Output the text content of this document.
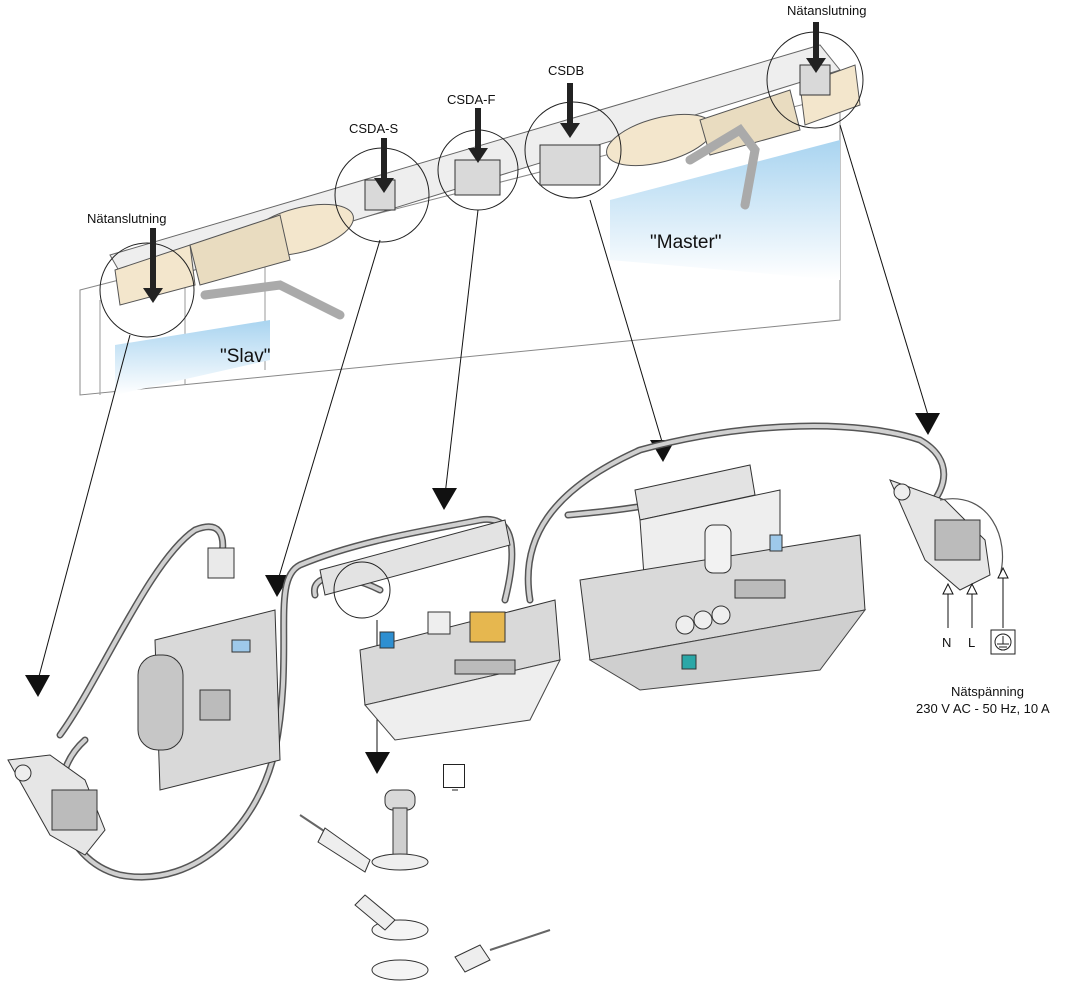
Nätanslutning
CSDB
CSDA-F
CSDA-S
Nätanslutning
"Master"
"Slav"
N L
Nätspänning
230 V AC - 50 Hz, 10 A
